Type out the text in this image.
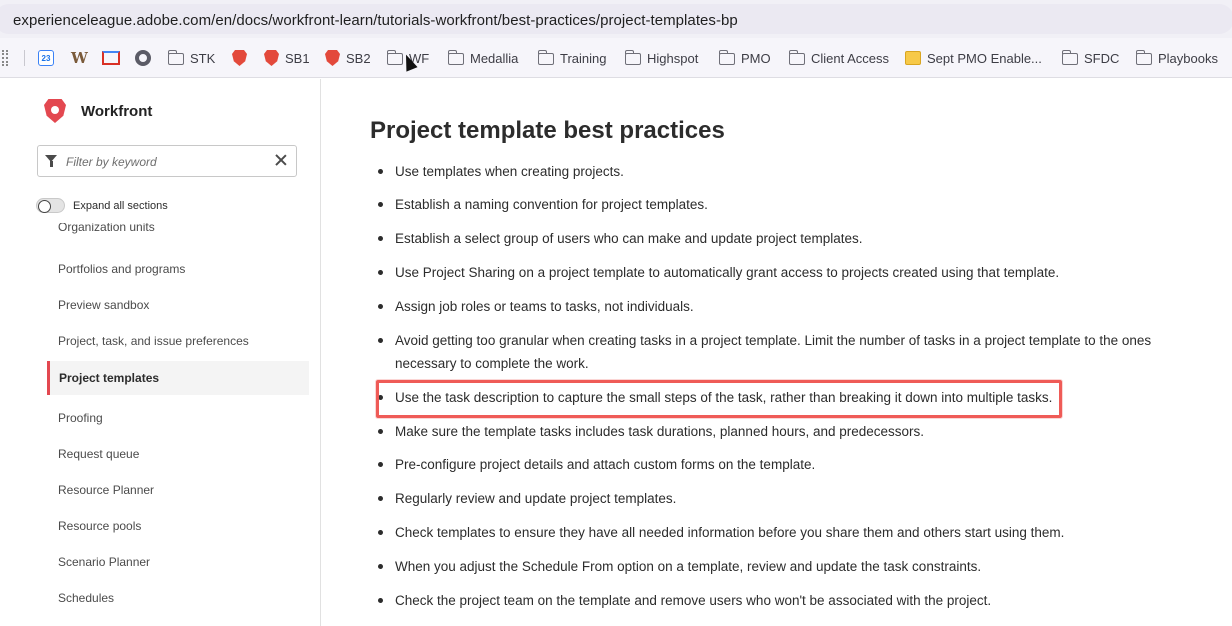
experienceleague.adobe.com/en/docs/workfront-learn/tutorials-workfront/best-practices/project-templates-bp
23 W	STK	SB1	SB2	WF	Medallia	Training	Highspot	PMO	Client Access	Sept PMO Enable...	SFDC	Playbooks
Workfront
Filter by keyword
Expand all sections
Organization units
Portfolios and programs
Preview sandbox
Project, task, and issue preferences
Project templates
Proofing
Request queue
Resource Planner
Resource pools
Scenario Planner
Schedules
Project template best practices
Use templates when creating projects.
Establish a naming convention for project templates.
Establish a select group of users who can make and update project templates.
Use Project Sharing on a project template to automatically grant access to projects created using that template.
Assign job roles or teams to tasks, not individuals.
Avoid getting too granular when creating tasks in a project template. Limit the number of tasks in a project template to the ones necessary to complete the work.
Use the task description to capture the small steps of the task, rather than breaking it down into multiple tasks.
Make sure the template tasks includes task durations, planned hours, and predecessors.
Pre-configure project details and attach custom forms on the template.
Regularly review and update project templates.
Check templates to ensure they have all needed information before you share them and others start using them.
When you adjust the Schedule From option on a template, review and update the task constraints.
Check the project team on the template and remove users who won't be associated with the project.
